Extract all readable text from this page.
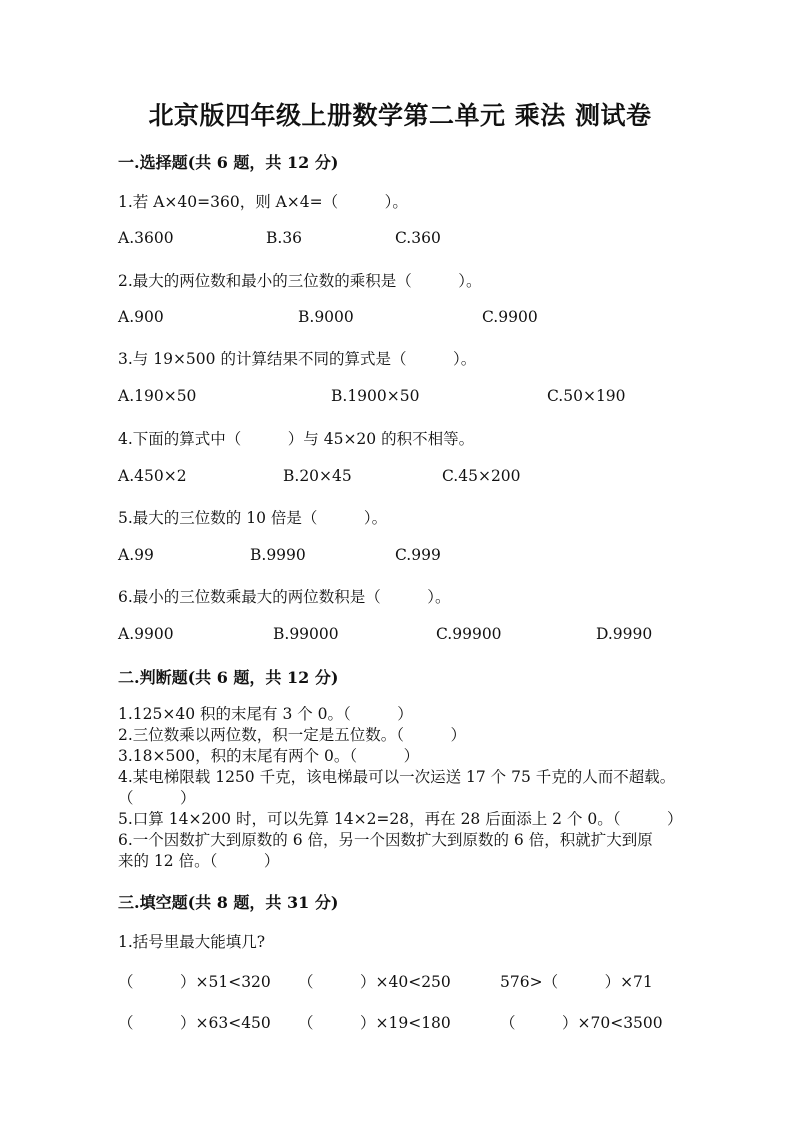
北京版四年级上册数学第二单元 乘法 测试卷
一.选择题(共 6 题，共 12 分)
1.若 A×40=360，则 A×4=（　　　）。
A.3600	B.36	C.360
2.最大的两位数和最小的三位数的乘积是（　　　）。
A.900	B.9000	C.9900
3.与 19×500 的计算结果不同的算式是（　　　）。
A.190×50	B.1900×50	C.50×190
4.下面的算式中（　　　）与 45×20 的积不相等。
A.450×2	B.20×45	C.45×200
5.最大的三位数的 10 倍是（　　　）。
A.99	B.9990	C.999
6.最小的三位数乘最大的两位数积是（　　　）。
A.9900	B.99000	C.99900	D.9990
二.判断题(共 6 题，共 12 分)
1.125×40 积的末尾有 3 个 0。（　　　）
2.三位数乘以两位数，积一定是五位数。（　　　）
3.18×500，积的末尾有两个 0。（　　　）
4.某电梯限载 1250 千克，该电梯最可以一次运送 17 个 75 千克的人而不超载。
（　　　）
5.口算 14×200 时，可以先算 14×2=28，再在 28 后面添上 2 个 0。（　　　）
6.一个因数扩大到原数的 6 倍，另一个因数扩大到原数的 6 倍，积就扩大到原
来的 12 倍。（　　　）
三.填空题(共 8 题，共 31 分)
1.括号里最大能填几?
（　　　）×51<320 （　　　）×40<250	576>（　　　）×71
（　　　）×63<450 （　　　）×19<180	（　　　）×70<3500
